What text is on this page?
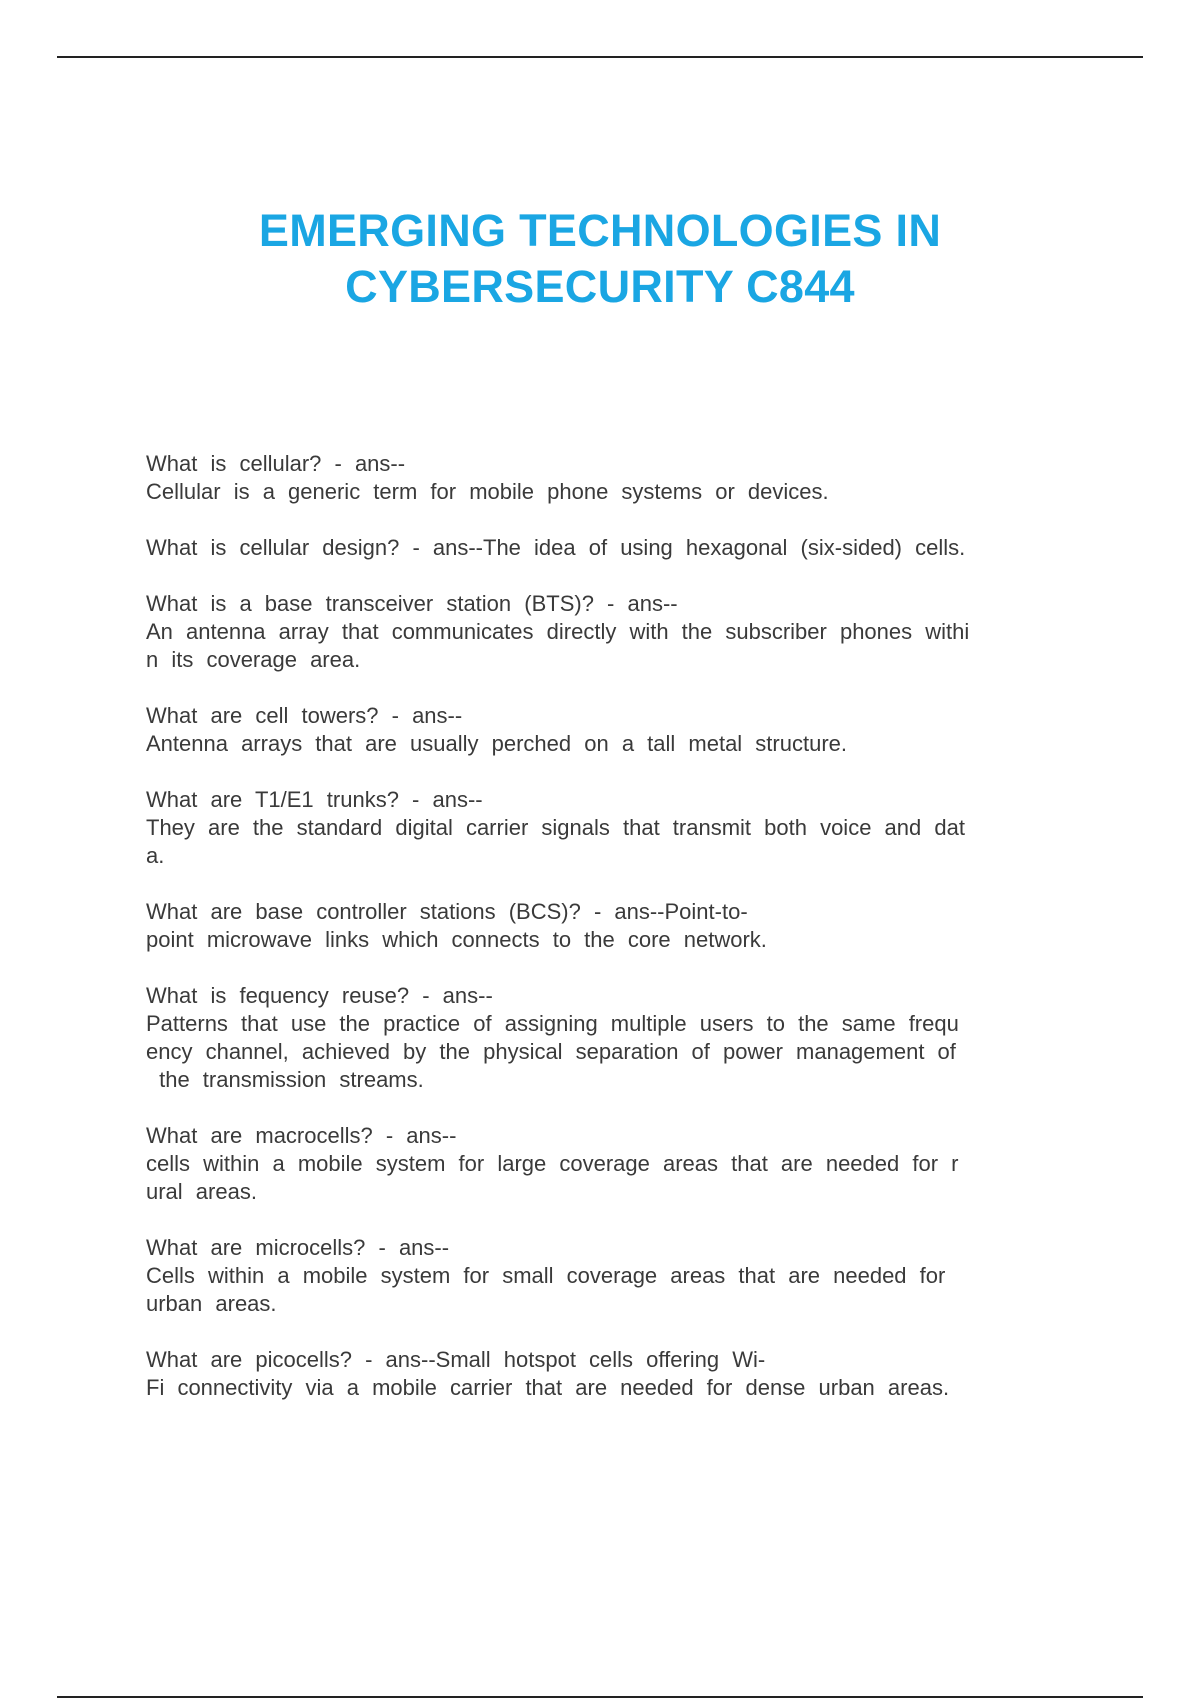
EMERGING TECHNOLOGIES IN
CYBERSECURITY C844

What is cellular? - ans--
Cellular is a generic term for mobile phone systems or devices.

What is cellular design? - ans--The idea of using hexagonal (six-sided) cells.

What is a base transceiver station (BTS)? - ans--
An antenna array that communicates directly with the subscriber phones withi
n its coverage area.

What are cell towers? - ans--
Antenna arrays that are usually perched on a tall metal structure.

What are T1/E1 trunks? - ans--
They are the standard digital carrier signals that transmit both voice and dat
a.

What are base controller stations (BCS)? - ans--Point-to-
point microwave links which connects to the core network.

What is fequency reuse? - ans--
Patterns that use the practice of assigning multiple users to the same frequ
ency channel, achieved by the physical separation of power management of
the transmission streams.

What are macrocells? - ans--
cells within a mobile system for large coverage areas that are needed for r
ural areas.

What are microcells? - ans--
Cells within a mobile system for small coverage areas that are needed for
urban areas.

What are picocells? - ans--Small hotspot cells offering Wi-
Fi connectivity via a mobile carrier that are needed for dense urban areas.
